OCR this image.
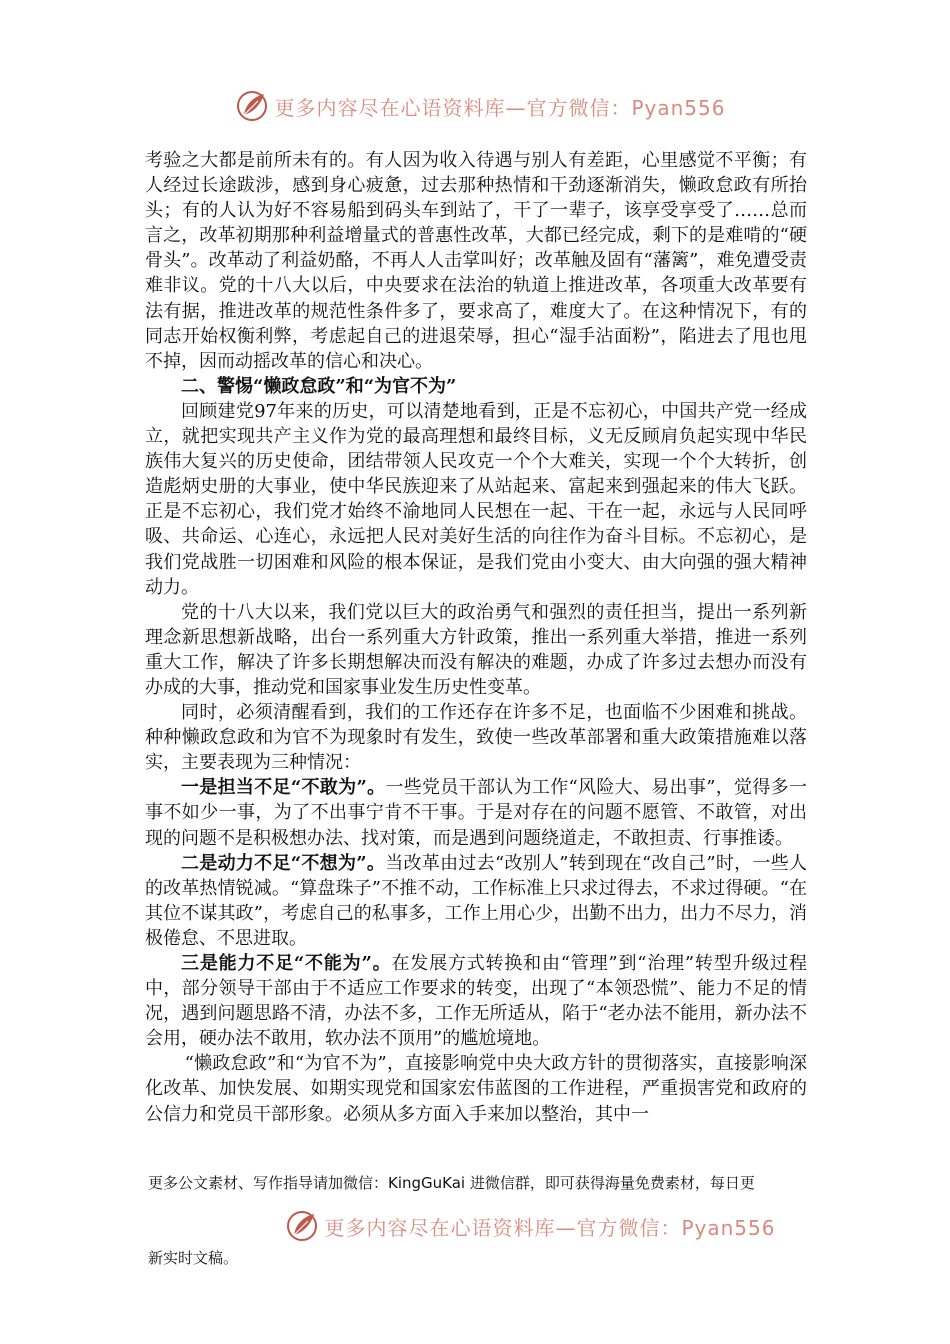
更多内容尽在心语资料库—官方微信：Pyan556

考验之大都是前所未有的。有人因为收入待遇与别人有差距，心里感觉不平衡；有人经过长途跋涉，感到身心疲惫，过去那种热情和干劲逐渐消失，懒政怠政有所抬头；有的人认为好不容易船到码头车到站了，干了一辈子，该享受享受了……总而言之，改革初期那种利益增量式的普惠性改革，大都已经完成，剩下的是难啃的“硬骨头”。改革动了利益奶酪，不再人人击掌叫好；改革触及固有“藩篱”，难免遭受责难非议。党的十八大以后，中央要求在法治的轨道上推进改革，各项重大改革要有法有据，推进改革的规范性条件多了，要求高了，难度大了。在这种情况下，有的同志开始权衡利弊，考虑起自己的进退荣辱，担心“湿手沾面粉”，陷进去了甩也甩不掉，因而动摇改革的信心和决心。

二、警惕“懒政怠政”和“为官不为”

回顾建党97年来的历史，可以清楚地看到，正是不忘初心，中国共产党一经成立，就把实现共产主义作为党的最高理想和最终目标，义无反顾肩负起实现中华民族伟大复兴的历史使命，团结带领人民攻克一个个大难关，实现一个个大转折，创造彪炳史册的大事业，使中华民族迎来了从站起来、富起来到强起来的伟大飞跃。正是不忘初心，我们党才始终不渝地同人民想在一起、干在一起，永远与人民同呼吸、共命运、心连心，永远把人民对美好生活的向往作为奋斗目标。不忘初心，是我们党战胜一切困难和风险的根本保证，是我们党由小变大、由大向强的强大精神动力。

党的十八大以来，我们党以巨大的政治勇气和强烈的责任担当，提出一系列新理念新思想新战略，出台一系列重大方针政策，推出一系列重大举措，推进一系列重大工作，解决了许多长期想解决而没有解决的难题，办成了许多过去想办而没有办成的大事，推动党和国家事业发生历史性变革。

同时，必须清醒看到，我们的工作还存在许多不足，也面临不少困难和挑战。种种懒政怠政和为官不为现象时有发生，致使一些改革部署和重大政策措施难以落实，主要表现为三种情况：

一是担当不足“不敢为”。一些党员干部认为工作“风险大、易出事”，觉得多一事不如少一事，为了不出事宁肯不干事。于是对存在的问题不愿管、不敢管，对出现的问题不是积极想办法、找对策，而是遇到问题绕道走，不敢担责、行事推诿。

二是动力不足“不想为”。当改革由过去“改别人”转到现在“改自己”时，一些人的改革热情锐减。“算盘珠子”不推不动，工作标准上只求过得去，不求过得硬。“在其位不谋其政”，考虑自己的私事多，工作上用心少，出勤不出力，出力不尽力，消极倦怠、不思进取。

三是能力不足“不能为”。在发展方式转换和由“管理”到“治理”转型升级过程中，部分领导干部由于不适应工作要求的转变，出现了“本领恐慌”、能力不足的情况，遇到问题思路不清，办法不多，工作无所适从，陷于“老办法不能用，新办法不会用，硬办法不敢用，软办法不顶用”的尴尬境地。

“懒政怠政”和“为官不为”，直接影响党中央大政方针的贯彻落实，直接影响深化改革、加快发展、如期实现党和国家宏伟蓝图的工作进程，严重损害党和政府的公信力和党员干部形象。必须从多方面入手来加以整治，其中一

更多公文素材、写作指导请加微信：KingGuKai 进微信群，即可获得海量免费素材，每日更
更多内容尽在心语资料库—官方微信：Pyan556
新实时文稿。
